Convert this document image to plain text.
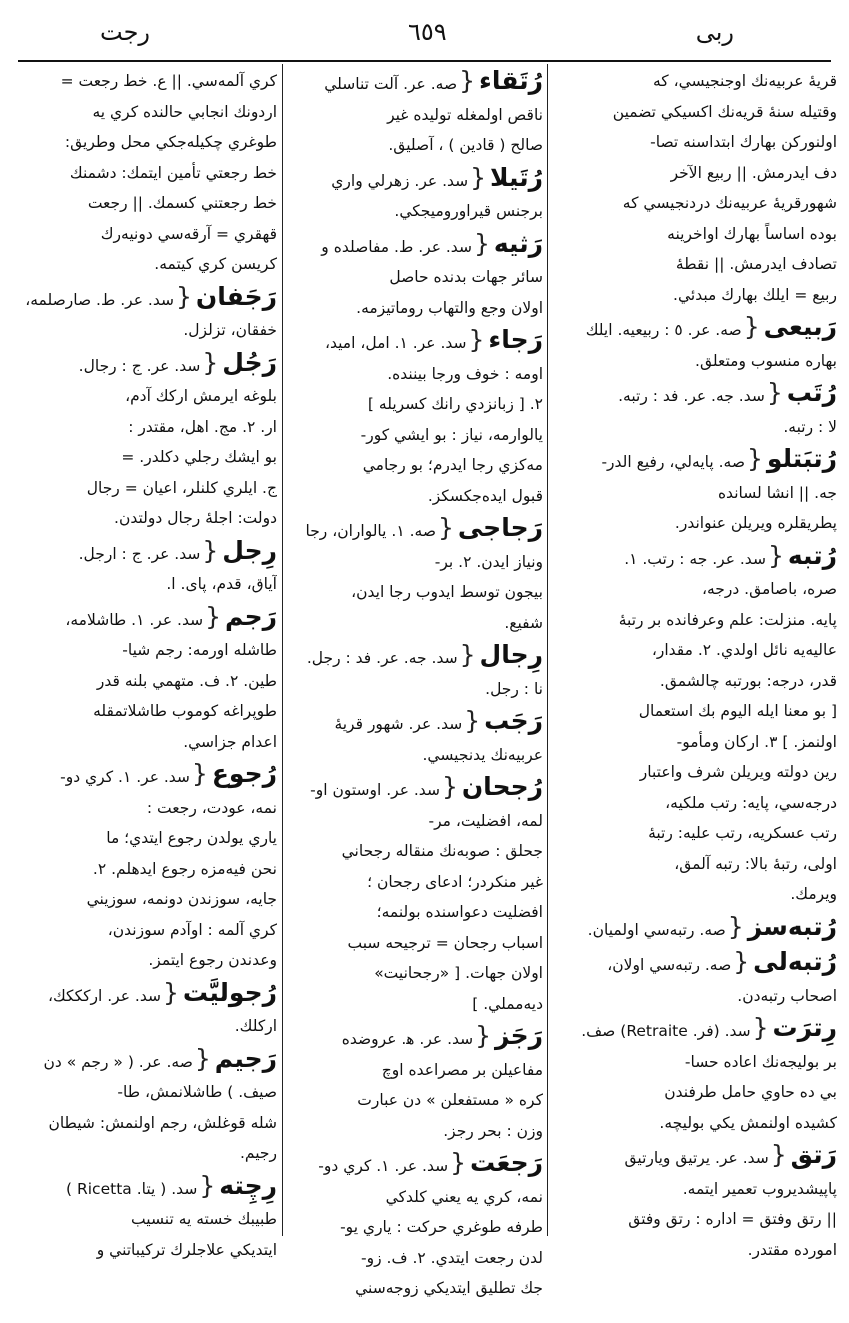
رجت	٦٥٩	ربى
قريهٔ عربيه‌نك اوجنجيسي، كه
وقتيله سنهٔ قريه‌نك اكسيكي تضمين
اولنوركن بهارك ابتداسنه تصا-
دف ايدرمش. || ربيع الآخر
شهورقريهٔ عربيه‌نك دردنجيسي كه
بوده اساساً بهارك اواخرينه
تصادف ايدرمش. || نقطهٔ
ربيع = ايلك بهارك مبدئي.
رَبيعى{صه. عر. ٥ : ربيعيه. ايلك
بهاره منسوب ومتعلق.
رُتَب{سد. جه. عر. فد : رتبه.
لا : رتبه.
رُتبَتلو{صه. پايه‌لي، رفيع الدر-
جه. || انشا لسانده
پطريقلره ويريلن عنواندر.
رُتبه{سد. عر. جه : رتب. ١.
صره، باصامق. درجه،
پايه. منزلت: علم وعرفانده بر رتبهٔ
عاليه‌يه نائل اولدي. ٢. مقدار،
قدر، درجه: بورتبه چالشمق.
[ بو معنا ايله اليوم بك استعمال
اولنمز. ] ٣. اركان ومأمو-
رين دولته ويريلن شرف واعتبار
درجه‌سي، پايه: رتب ملكيه،
رتب عسكريه، رتب عليه: رتبهٔ
اولى، رتبهٔ بالا: رتبه آلمق،
ويرمك.
رُتبه‌سز{صه. رتبه‌سي اولميان.
رُتبه‌لى{صه. رتبه‌سي اولان،
اصحاب رتبه‌دن.
رِترَت{سد. (فر. Retraite) صف.
بر بوليجه‌نك اعاده حسا-
بي ده حاوي حامل طرفندن
كشيده اولنمش يكي بوليچه.
رَتق{سد. عر. يرتيق ويارتيق
پاپيشديروب تعمير ايتمه.
|| رتق وفتق = اداره : رتق وفتق
امورده مقتدر.
رُتَقاء{صه. عر. آلت تناسلي
ناقص اولمغله توليده غير
صالح ( قادين ) ، آصليق.
رُتَيلا{سد. عر. زهرلي واري
برجنس قيراوروميجكي.
رَثيه{سد. عر. ط. مفاصلده و
سائر جهات بدنده حاصل
اولان وجع والتهاب روماتيزمه.
رَجاء{سد. عر. ١. امل، اميد،
اومه : خوف ورجا بيننده.
٢. [ زبانزدي رانك كسريله ]
يالوارمه، نياز : بو ايشي كور-
مه‌كزي رجا ايدرم؛ بو رجامي
قبول ايده‌جكسكز.
رَجاجى{صه. ١. يالواران، رجا
ونياز ايدن. ٢. بر-
بيجون توسط ايدوب رجا ايدن،
شفيع.
رِجال{سد. جه. عر. فد : رجل.
نا : رجل.
رَجَب{سد. عر. شهور قريهٔ
عربيه‌نك يدنجيسي.
رُجحان{سد. عر. اوستون او-
لمه، افضليت، مر-
جحلق : صوبه‌نك منقاله رجحاني
غير منكردر؛ ادعاى رجحان ؛
افضليت دعواسنده بولنمه؛
اسباب رجحان = ترجيحه سبب
اولان جهات. [ «رجحانيت»
ديه‌مملي. ]
رَجَز{سد. عر. ﻫ. عروضده
مفاعيلن بر مصراعده اوچ
كره « مستفعلن » دن عبارت
وزن : بحر رجز.
رَجعَت{سد. عر. ١. كري دو-
نمه، كري يه يعني كلدكي
طرفه طوغري حركت : ياري يو-
لدن رجعت ايتدي. ٢. ف. زو-
جك تطليق ايتديكي زوجه‌سني
كري آلمه‌سي. || ع. خط رجعت =
اردونك انجابي حالنده كري يه
طوغري چكيله‌جكي محل وطريق:
خط رجعتي تأمين ايتمك: دشمنك
خط رجعتني كسمك. || رجعت
قهقري = آرقه‌سي دونيه‌رك
كريسن كري كيتمه.
رَجَفان{سد. عر. ط. صارصلمه،
خفقان، تزلزل.
رَجُل{سد. عر. ج : رجال.
بلوغه ايرمش اركك آدم،
ار. ٢. مج. اهل، مقتدر :
بو ايشك رجلي دكلدر. =
ج. ايلري كلنلر، اعيان = رجال
دولت: اجلهٔ رجال دولتدن.
رِجل{سد. عر. ج : ارجل.
آياق، قدم، پاى. ا.
رَجم{سد. عر. ١. طاشلامه،
طاشله اورمه: رجم شيا-
طين. ٢. ف. متهمي بلنه قدر
طوپراغه كوموب طاشلاتمقله
اعدام جزاسي.
رُجوع{سد. عر. ١. كري دو-
نمه، عودت، رجعت :
ياري يولدن رجوع ايتدي؛ ما
نحن فيه‌مزه رجوع ايدهلم. ٢.
جايه، سوزندن دونمه، سوزيني
كري آلمه : اوآدم سوزندن،
وعدندن رجوع ايتمز.
رُجوليَّت{سد. عر. اركككك،
اركلك.
رَجيم{صه. عر. ( « رجم » دن
صيف. ) طاشلانمش، طا-
شله قوغلش، رجم اولنمش: شيطان
رجيم.
رِچِته{سد. ( يتا. Ricetta )
طبيبك خسته يه تنسيب
ايتديكي علاجلرك تركيباتني و
